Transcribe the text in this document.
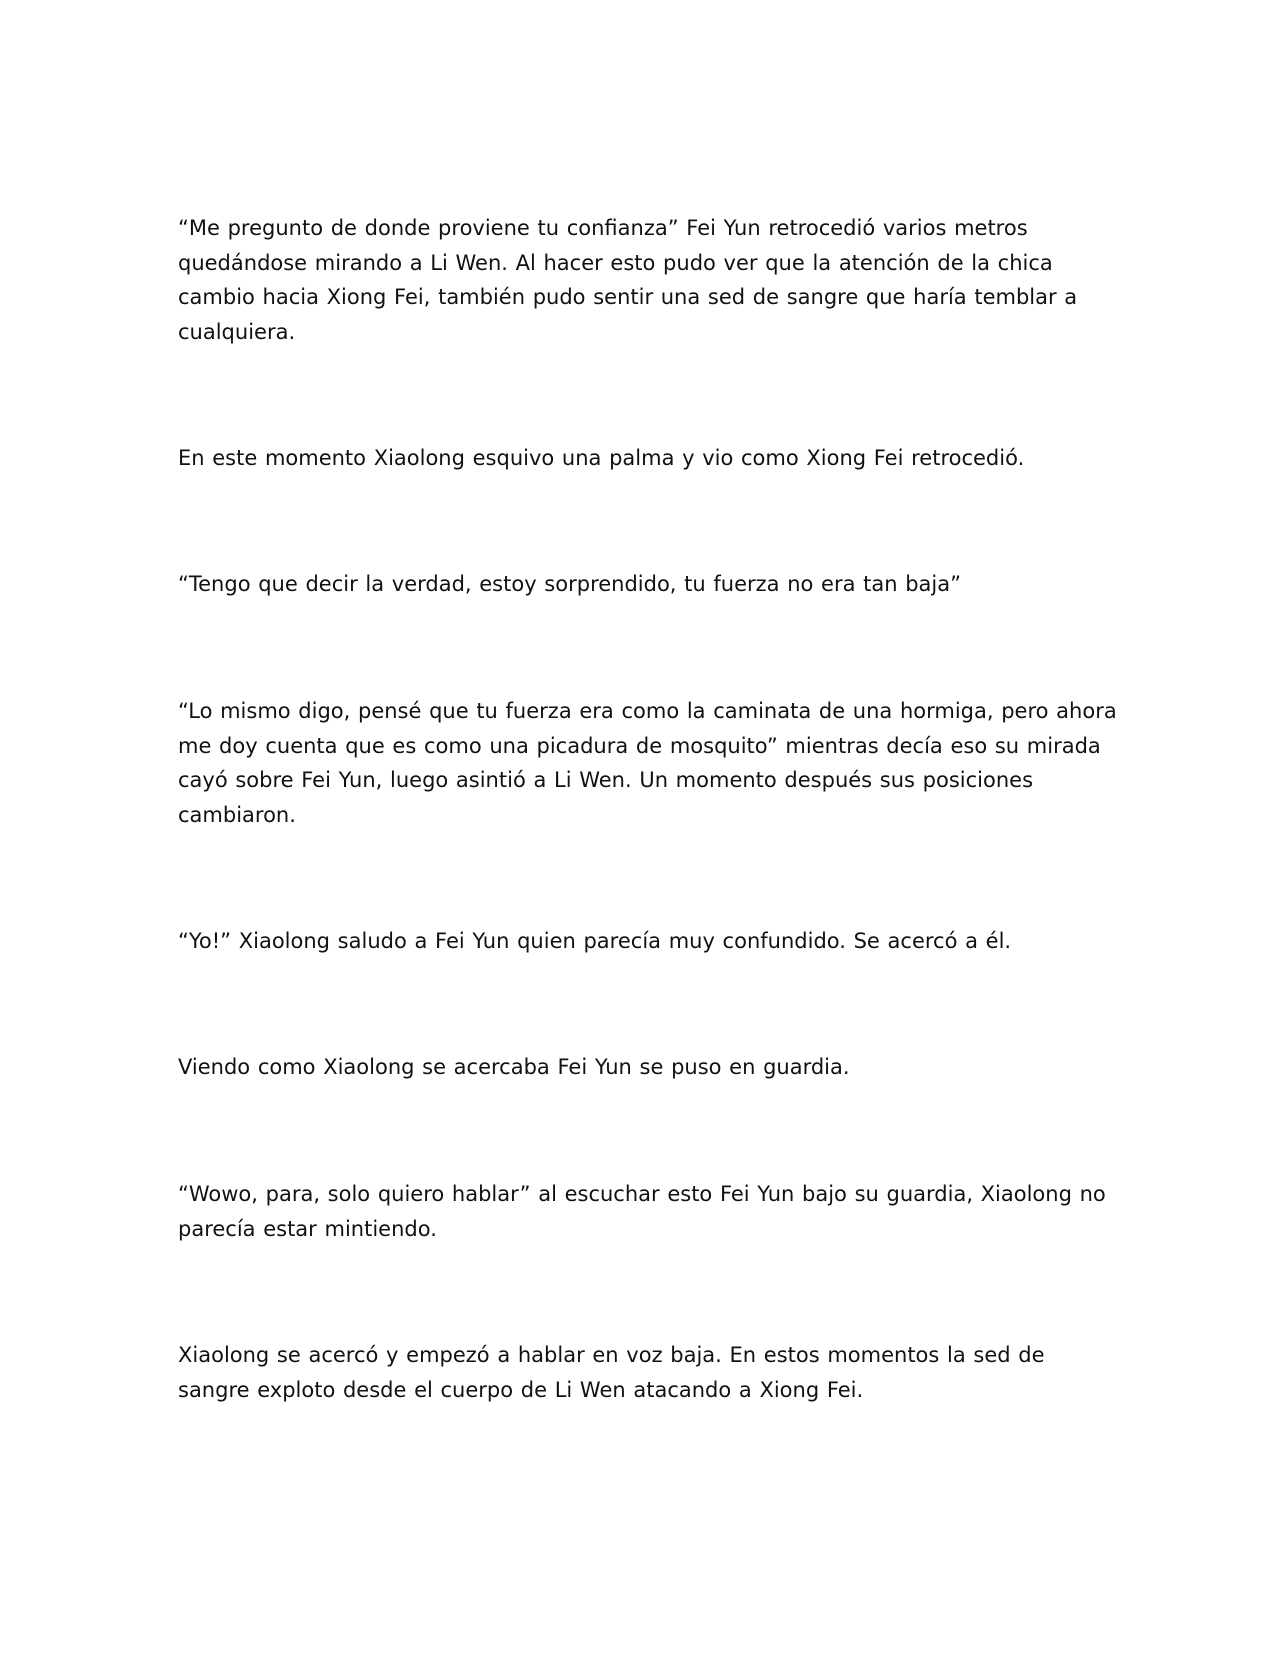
“Me pregunto de donde proviene tu confianza” Fei Yun retrocedió varios metros quedándose mirando a Li Wen. Al hacer esto pudo ver que la atención de la chica cambio hacia Xiong Fei, también pudo sentir una sed de sangre que haría temblar a cualquiera.

En este momento Xiaolong esquivo una palma y vio como Xiong Fei retrocedió.

“Tengo que decir la verdad, estoy sorprendido, tu fuerza no era tan baja”

“Lo mismo digo, pensé que tu fuerza era como la caminata de una hormiga, pero ahora me doy cuenta que es como una picadura de mosquito” mientras decía eso su mirada cayó sobre Fei Yun, luego asintió a Li Wen. Un momento después sus posiciones cambiaron.

“Yo!” Xiaolong saludo a Fei Yun quien parecía muy confundido. Se acercó a él.

Viendo como Xiaolong se acercaba Fei Yun se puso en guardia.

“Wowo, para, solo quiero hablar” al escuchar esto Fei Yun bajo su guardia, Xiaolong no parecía estar mintiendo.

Xiaolong se acercó y empezó a hablar en voz baja. En estos momentos la sed de sangre exploto desde el cuerpo de Li Wen atacando a Xiong Fei.
